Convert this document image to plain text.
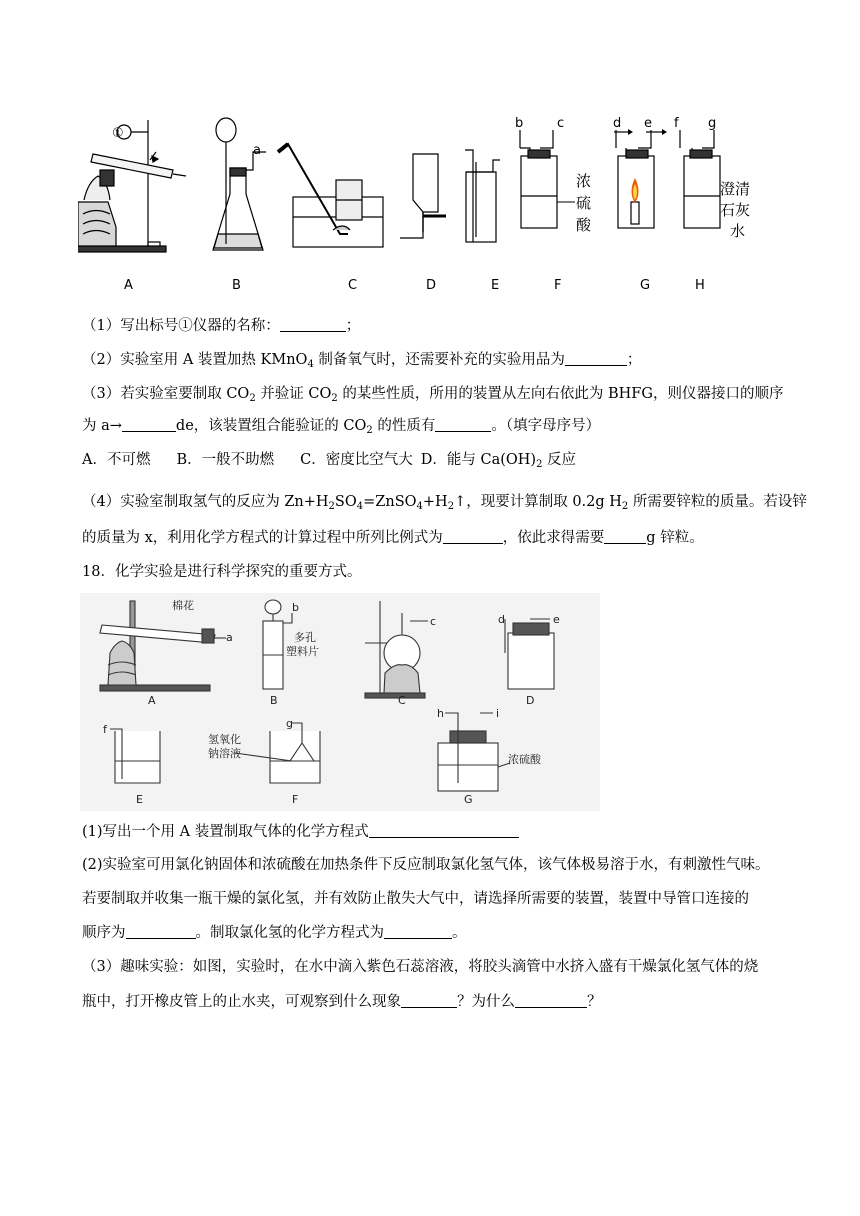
①
a
b	c	d e f g
浓
硫
酸
澄清
石灰
水
A	B	C	D	E	F	G	H
（1）写出标号①仪器的名称：	；
（2）实验室用 A 装置加热 KMnO$_4$ 制备氧气时，还需要补充的实验用品为	；
（3）若实验室要制取 $CO_2$ 并验证 $CO_2$ 的某些性质，所用的装置从左向右依此为 BHFG，则仪器接口的顺序
为 a→	de，该装置组合能验证的 $CO_2$ 的性质有	。（填字母序号）
A．不可燃 B．一般不助燃 C．密度比空气大 D．能与 $Ca(OH)_2$ 反应
（4）实验室制取氢气的反应为 $Zn+H_2SO_4=ZnSO_4+H_2↑$，现要计算制取 0.2g $H_2$ 所需要锌粒的质量。若设锌
的质量为 x，利用化学方程式的计算过程中所列比例式为	，依此求得需要	g 锌粒。
18．化学实验是进行科学探究的重要方式。
a
b
c	d	e
f	g
h	i
棉花
多孔
塑料片
氢氧化
钠溶液	浓硫酸
A	B	C	D
E	F	G
(1)写出一个用 A 装置制取气体的化学方程式
(2)实验室可用氯化钠固体和浓硫酸在加热条件下反应制取氯化氢气体，该气体极易溶于水，有刺激性气味。
若要制取并收集一瓶干燥的氯化氢，并有效防止散失大气中，请选择所需要的装置，装置中导管口连接的
顺序为	。制取氯化氢的化学方程式为	。
（3）趣味实验：如图，实验时，在水中滴入紫色石蕊溶液，将胶头滴管中水挤入盛有干燥氯化氢气体的烧
瓶中，打开橡皮管上的止水夹，可观察到什么现象	？为什么	？
